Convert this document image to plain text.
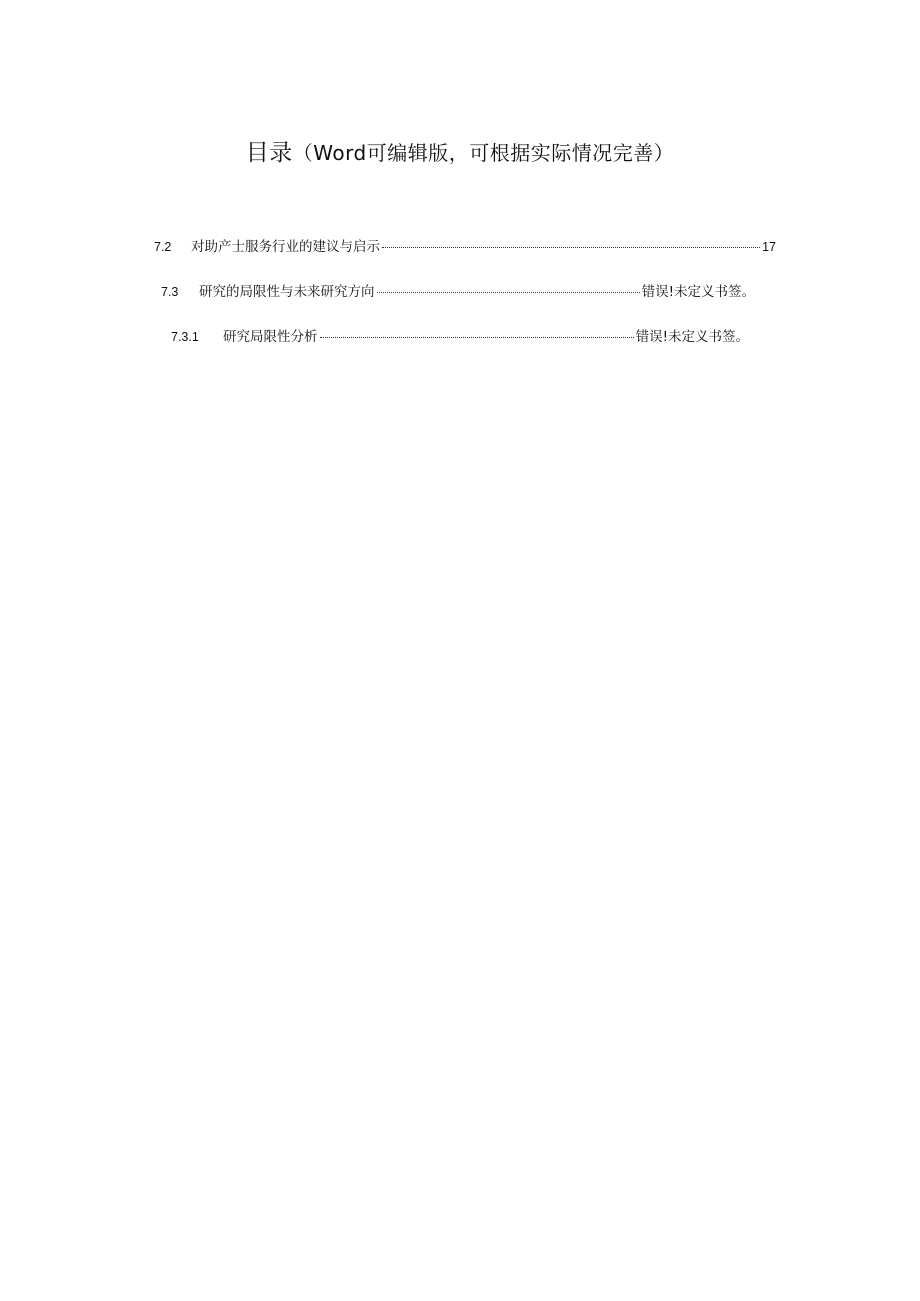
目录（Word可编辑版，可根据实际情况完善）
7.2	对助产士服务行业的建议与启示	17
7.3	研究的局限性与未来研究方向	错误!未定义书签。
7.3.1	研究局限性分析	错误!未定义书签。
